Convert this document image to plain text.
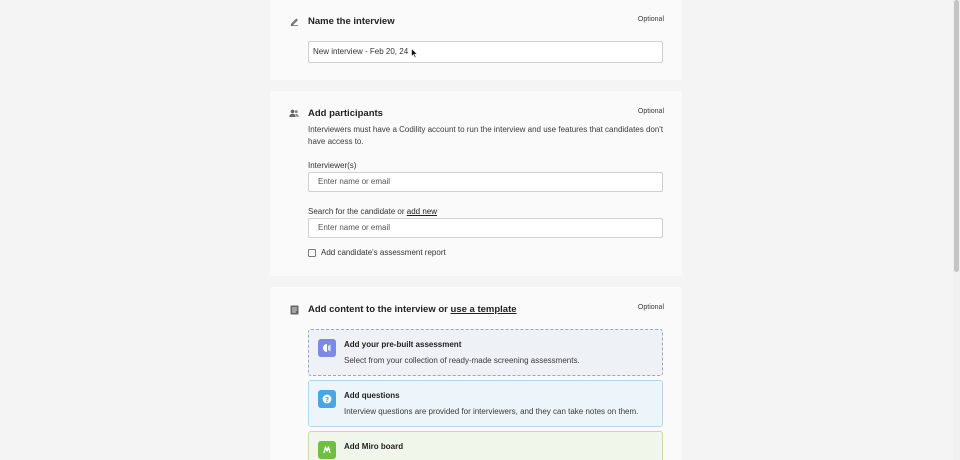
Name the interview	Optional
New interview - Feb 20, 24
Add participants	Optional
Interviewers must have a Codility account to run the interview and use features that candidates don't have access to.
Interviewer(s)
Enter name or email
Search for the candidate or add new
Enter name or email
Add candidate's assessment report
Add content to the interview or use a template	Optional
Add your pre-built assessment
Select from your collection of ready-made screening assessments.
? Add questions
Interview questions are provided for interviewers, and they can take notes on them.
Add Miro board
